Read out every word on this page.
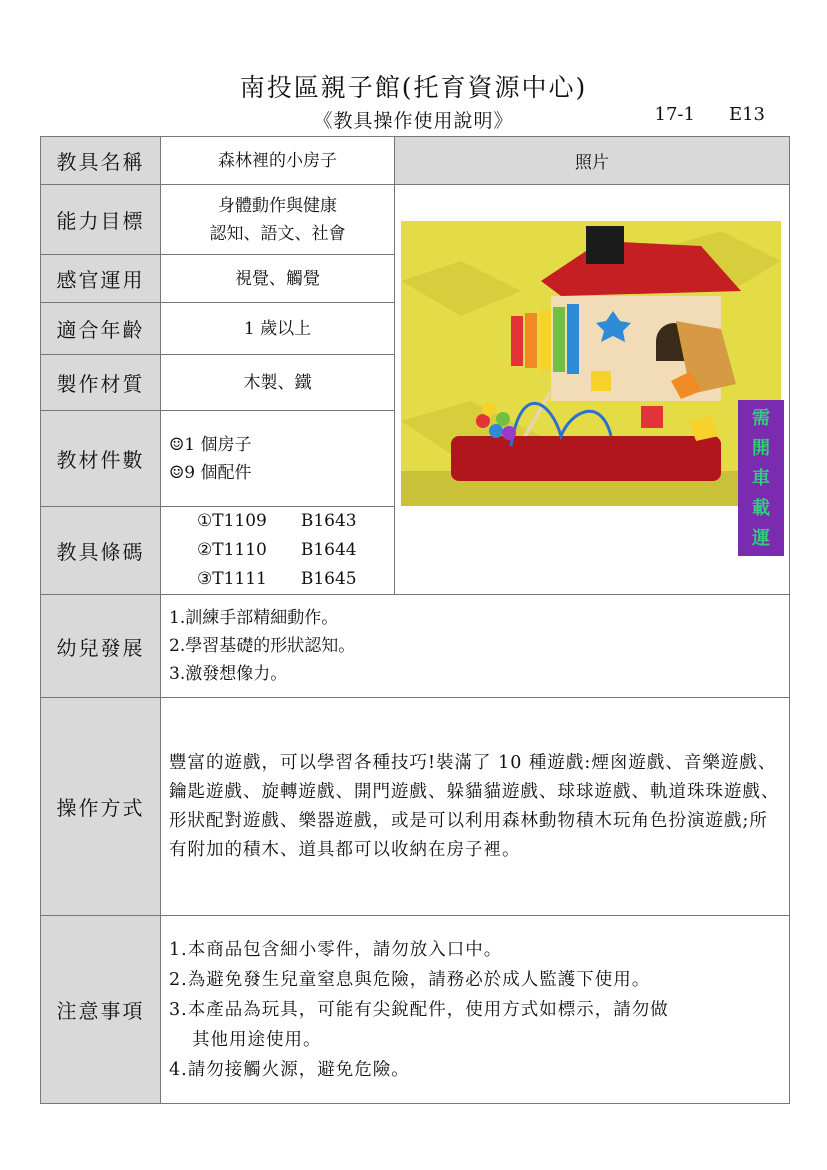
南投區親子館(托育資源中心)
《教具操作使用說明》	17-1 E13
教具名稱	森林裡的小房子	照片	
能力目標	身體動作與健康
認知、語文、社會

感官運用	視覺、觸覺		
適合年齡	1 歲以上		
製作材質	木製、鐵		
教材件數	☺1 個房子
☺9 個配件		

教具條碼	①T1109 B1643
②T1110 B1644
③T1111 B1645		

幼兒發展	1.訓練手部精細動作。
2.學習基礎的形狀認知。
3.激發想像力。		

操作方式	豐富的遊戲，可以學習各種技巧!裝滿了 10 種遊戲:煙囪遊戲、音樂遊戲、鑰匙遊戲、旋轉遊戲、開門遊戲、躲貓貓遊戲、球球遊戲、軌道珠珠遊戲、形狀配對遊戲、樂器遊戲，或是可以利用森林動物積木玩角色扮演遊戲;所有附加的積木、道具都可以收納在房子裡。		
注意事項	1.本商品包含細小零件，請勿放入口中。
2.為避免發生兒童窒息與危險，請務必於成人監護下使用。
3.本產品為玩具，可能有尖銳配件，使用方式如標示，請勿做
其他用途使用。
4.請勿接觸火源，避免危險。		
需
開
車
載
運
